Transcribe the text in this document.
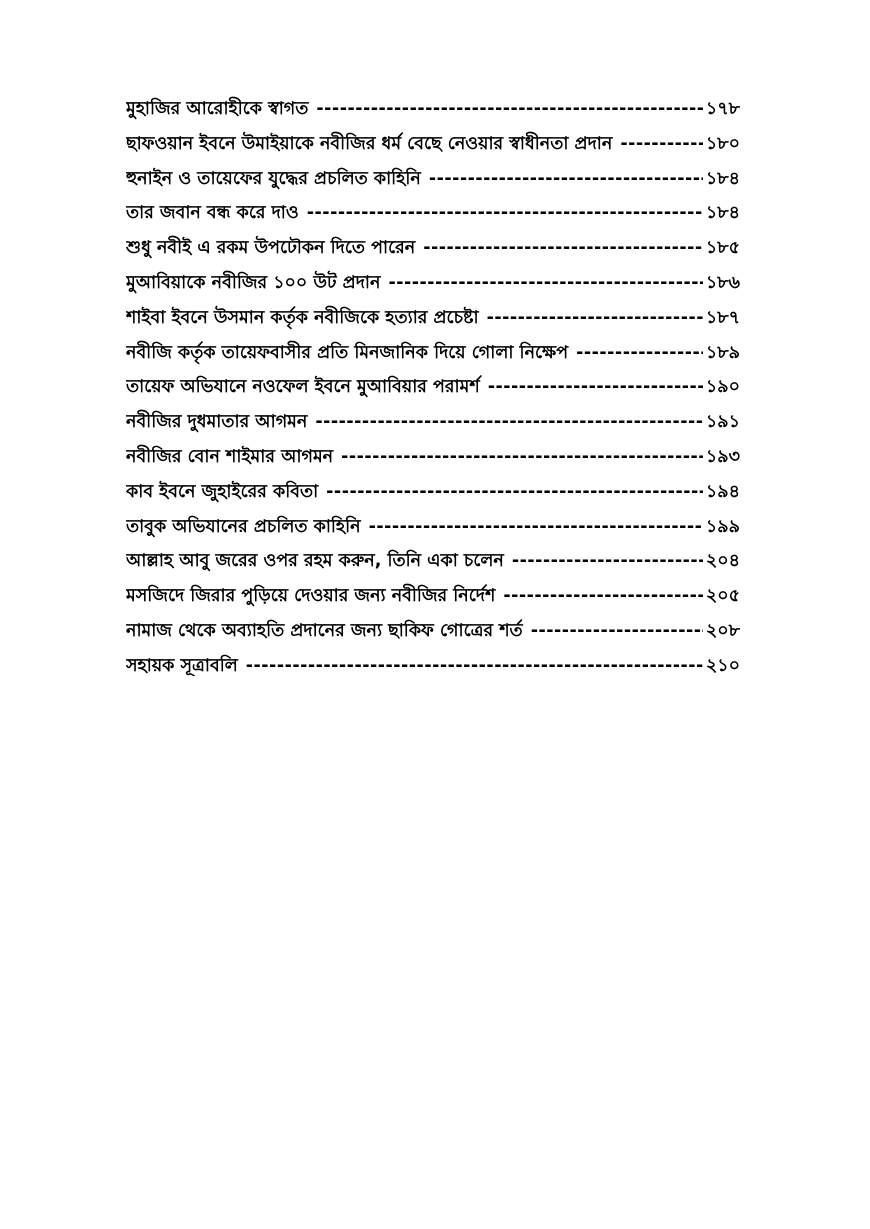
মুহাজির আরোহীকে স্বাগত -----	১৭৮
ছাফওয়ান ইবনে উমাইয়াকে নবীজির ধর্ম বেছে নেওয়ার স্বাধীনতা প্রদান -----	১৮০
হুনাইন ও তায়েফের যুদ্ধের প্রচলিত কাহিনি -----	১৮৪
তার জবান বন্ধ করে দাও -----	১৮৪
শুধু নবীই এ রকম উপঢৌকন দিতে পারেন -----	১৮৫
মুআবিয়াকে নবীজির ১০০ উট প্রদান -----	১৮৬
শাইবা ইবনে উসমান কর্তৃক নবীজিকে হত্যার প্রচেষ্টা -----	১৮৭
নবীজি কর্তৃক তায়েফবাসীর প্রতি মিনজানিক দিয়ে গোলা নিক্ষেপ -----	১৮৯
তায়েফ অভিযানে নওফেল ইবনে মুআবিয়ার পরামর্শ -----	১৯০
নবীজির দুধমাতার আগমন -----	১৯১
নবীজির বোন শাইমার আগমন -----	১৯৩
কাব ইবনে জুহাইরের কবিতা -----	১৯৪
তাবুক অভিযানের প্রচলিত কাহিনি -----	১৯৯
আল্লাহ আবু জরের ওপর রহম করুন, তিনি একা চলেন -----	২০৪
মসজিদে জিরার পুড়িয়ে দেওয়ার জন্য নবীজির নির্দেশ -----	২০৫
নামাজ থেকে অব্যাহতি প্রদানের জন্য ছাকিফ গোত্রের শর্ত -----	২০৮
সহায়ক সূত্রাবলি -----	২১০
